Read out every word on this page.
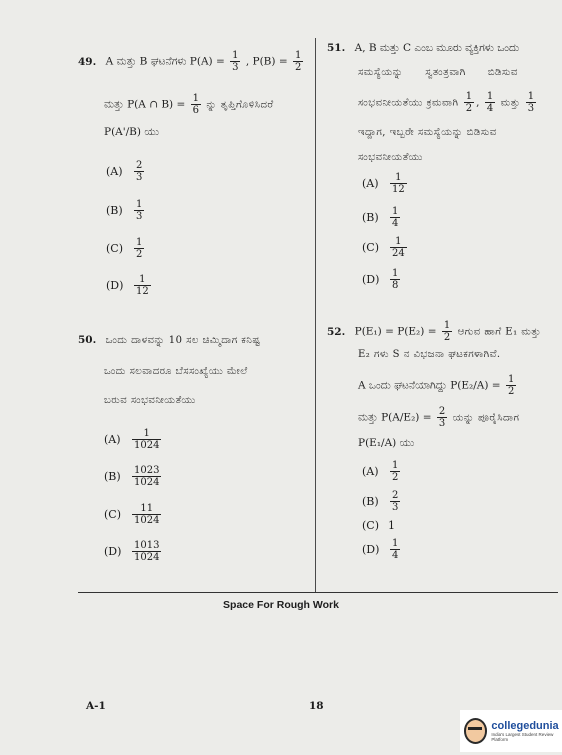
49. A ಮತ್ತು B ಘಟನೆಗಳು $P(A) = \frac{1}{3}$ , $P(B) = \frac{1}{2}$
ಮತ್ತು P(A ∩ $B) = \frac{1}{6}$ ನ್ನು ತೃಪ್ತಿಗೊಳಿಸಿದರೆ
P(A'/B) ಯು
(A)	$\frac{2}{3}$
(B)	$\frac{1}{3}$
(C)	$\frac{1}{2}$
(D)	$\frac{1}{12}$
50. ಒಂದು ದಾಳವನ್ನು 10 ಸಲ ಚಿಮ್ಮಿದಾಗ ಕನಿಷ್ಟ
ಒಂದು ಸಲವಾದರೂ ಬೆಸಸಂಖ್ಯೆಯು ಮೇಲೆ
ಬರುವ ಸಂಭವನೀಯತೆಯು
(A)	$\frac{1}{1024}$
(B)	$\frac{1023}{1024}$
(C)	$\frac{11}{1024}$
(D)	$\frac{1013}{1024}$
51. A, B ಮತ್ತು C ಎಂಬ ಮೂರು ವ್ಯಕ್ತಿಗಳು ಒಂದು
ಸಮಸ್ಯೆಯನ್ನು      ಸ್ವತಂತ್ರವಾಗಿ      ಬಿಡಿಸುವ
ಸಂಭವನೀಯತೆಯು ಕ್ರಮವಾಗಿ $\frac{1}{2}$ , $\frac{1}{4}$ ಮತ್ತು $\frac{1}{3}$
ಇದ್ದಾಗ, ಇಬ್ಬರೇ ಸಮಸ್ಯೆಯನ್ನು ಬಿಡಿಸುವ
ಸಂಭವನೀಯತೆಯು
(A)	$\frac{1}{12}$
(B)	$\frac{1}{4}$
(C)	$\frac{1}{24}$
(D)	$\frac{1}{8}$
52. $P(E_1) = P(E_2) = \frac{1}{2}$ ಆಗುವ ಹಾಗೆ E₁ ಮತ್ತು
E₂ ಗಳು S ನ ವಿಭಜನಾ ಘಟಕಗಳಾಗಿವೆ.
A ಒಂದು ಘಟನೆಯಾಗಿದ್ದು $P(E_2/A) = \frac{1}{2}$
ಮತ್ತು $P(A/E_2) = \frac{2}{3}$ ಯನ್ನು ಪೂರೈಸಿದಾಗ
P(E₁/A) ಯು
(A)	$\frac{1}{2}$
(B)	$\frac{2}{3}$
(C) 1
(D)	$\frac{1}{4}$
Space For Rough Work
A-1	18
collegedunia
India's Largest Student Review Platform
